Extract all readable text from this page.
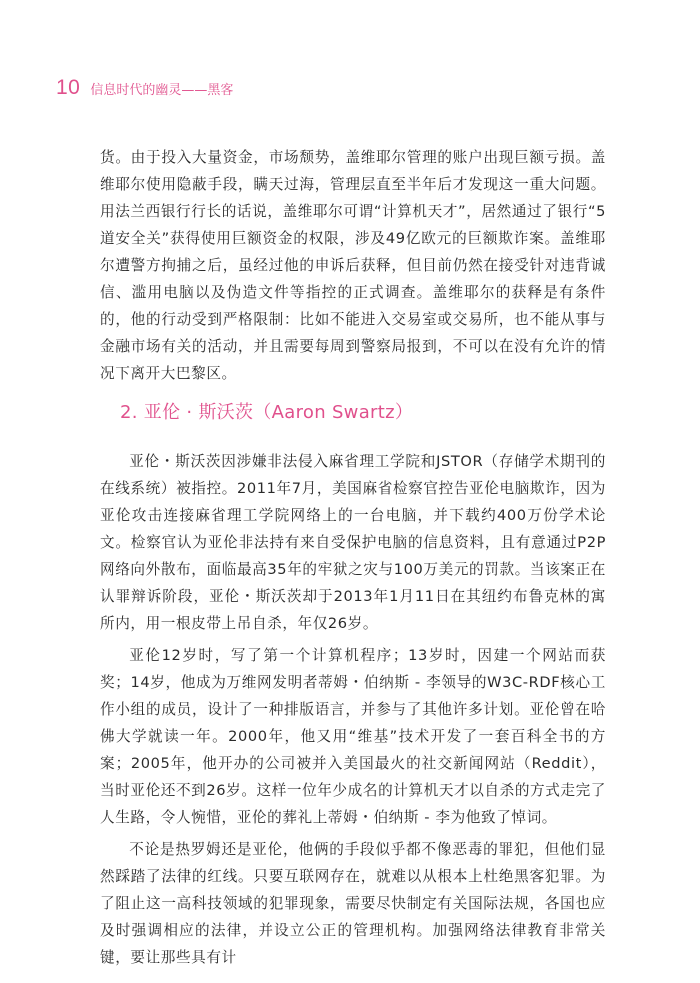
10 信息时代的幽灵——黑客

货。由于投入大量资金，市场颓势，盖维耶尔管理的账户出现巨额亏损。盖维耶尔使用隐蔽手段，瞒天过海，管理层直至半年后才发现这一重大问题。用法兰西银行行长的话说，盖维耶尔可谓“计算机天才”，居然通过了银行“5道安全关”获得使用巨额资金的权限，涉及49亿欧元的巨额欺诈案。盖维耶尔遭警方拘捕之后，虽经过他的申诉后获释，但目前仍然在接受针对违背诚信、滥用电脑以及伪造文件等指控的正式调查。盖维耶尔的获释是有条件的，他的行动受到严格限制：比如不能进入交易室或交易所，也不能从事与金融市场有关的活动，并且需要每周到警察局报到，不可以在没有允许的情况下离开大巴黎区。

2. 亚伦 · 斯沃茨（Aaron Swartz）

亚伦・斯沃茨因涉嫌非法侵入麻省理工学院和JSTOR（存储学术期刊的在线系统）被指控。2011年7月，美国麻省检察官控告亚伦电脑欺诈，因为亚伦攻击连接麻省理工学院网络上的一台电脑，并下载约400万份学术论文。检察官认为亚伦非法持有来自受保护电脑的信息资料，且有意通过P2P网络向外散布，面临最高35年的牢狱之灾与100万美元的罚款。当该案正在认罪辩诉阶段，亚伦・斯沃茨却于2013年1月11日在其纽约布鲁克林的寓所内，用一根皮带上吊自杀，年仅26岁。

亚伦12岁时，写了第一个计算机程序；13岁时，因建一个网站而获奖；14岁，他成为万维网发明者蒂姆・伯纳斯 - 李领导的W3C-RDF核心工作小组的成员，设计了一种排版语言，并参与了其他许多计划。亚伦曾在哈佛大学就读一年。2000年，他又用“维基”技术开发了一套百科全书的方案；2005年，他开办的公司被并入美国最火的社交新闻网站（Reddit），当时亚伦还不到26岁。这样一位年少成名的计算机天才以自杀的方式走完了人生路，令人惋惜，亚伦的葬礼上蒂姆・伯纳斯 - 李为他致了悼词。

不论是热罗姆还是亚伦，他俩的手段似乎都不像恶毒的罪犯，但他们显然踩踏了法律的红线。只要互联网存在，就难以从根本上杜绝黑客犯罪。为了阻止这一高科技领域的犯罪现象，需要尽快制定有关国际法规，各国也应及时强调相应的法律，并设立公正的管理机构。加强网络法律教育非常关键，要让那些具有计
